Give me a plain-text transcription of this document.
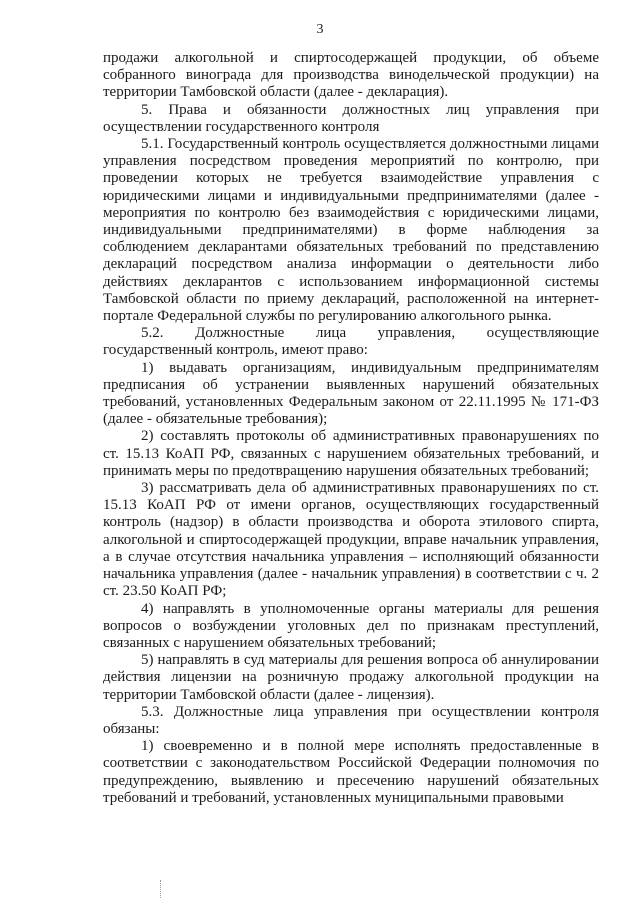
3

продажи алкогольной и спиртосодержащей продукции, об объеме собранного винограда для производства винодельческой продукции) на территории Тамбовской области (далее - декларация).

5. Права и обязанности должностных лиц управления при осуществлении государственного контроля

5.1. Государственный контроль осуществляется должностными лицами управления посредством проведения мероприятий по контролю, при проведении которых не требуется взаимодействие управления с юридическими лицами и индивидуальными предпринимателями (далее - мероприятия по контролю без взаимодействия с юридическими лицами, индивидуальными предпринимателями) в форме наблюдения за соблюдением декларантами обязательных требований по представлению деклараций посредством анализа информации о деятельности либо действиях декларантов с использованием информационной системы Тамбовской области по приему деклараций, расположенной на интернет-портале Федеральной службы по регулированию алкогольного рынка.

5.2. Должностные лица управления, осуществляющие государственный контроль, имеют право:

1) выдавать организациям, индивидуальным предпринимателям предписания об устранении выявленных нарушений обязательных требований, установленных Федеральным законом от 22.11.1995 № 171-ФЗ (далее - обязательные требования);

2) составлять протоколы об административных правонарушениях по ст. 15.13 КоАП РФ, связанных с нарушением обязательных требований, и принимать меры по предотвращению нарушения обязательных требований;

3) рассматривать дела об административных правонарушениях по ст. 15.13 КоАП РФ от имени органов, осуществляющих государственный контроль (надзор) в области производства и оборота этилового спирта, алкогольной и спиртосодержащей продукции, вправе начальник управления, а в случае отсутствия начальника управления – исполняющий обязанности начальника управления (далее - начальник управления) в соответствии с ч. 2 ст. 23.50 КоАП РФ;

4) направлять в уполномоченные органы материалы для решения вопросов о возбуждении уголовных дел по признакам преступлений, связанных с нарушением обязательных требований;

5) направлять в суд материалы для решения вопроса об аннулировании действия лицензии на розничную продажу алкогольной продукции на территории Тамбовской области (далее - лицензия).

5.3. Должностные лица управления при осуществлении контроля обязаны:

1) своевременно и в полной мере исполнять предоставленные в соответствии с законодательством Российской Федерации полномочия по предупреждению, выявлению и пресечению нарушений обязательных требований и требований, установленных муниципальными правовыми
